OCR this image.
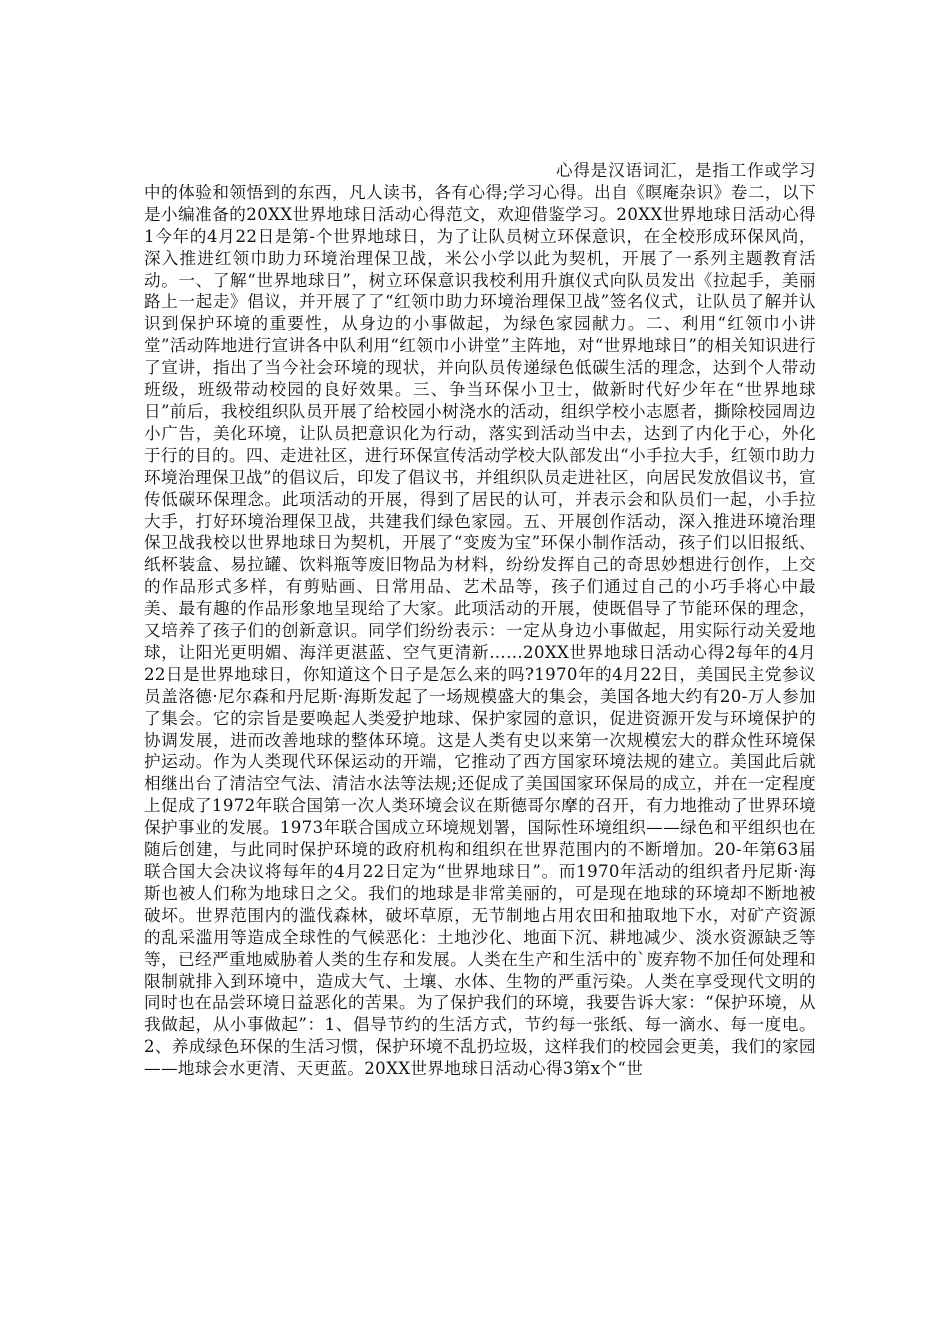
心得是汉语词汇，是指工作或学习中的体验和领悟到的东西，凡人读书，各有心得;学习心得。出自《暝庵杂识》卷二，以下是小编准备的20XX世界地球日活动心得范文，欢迎借鉴学习。20XX世界地球日活动心得1今年的4月22日是第-个世界地球日，为了让队员树立环保意识，在全校形成环保风尚，深入推进红领巾助力环境治理保卫战，米公小学以此为契机，开展了一系列主题教育活动。一、了解“世界地球日”，树立环保意识我校利用升旗仪式向队员发出《拉起手，美丽路上一起走》倡议，并开展了了“红领巾助力环境治理保卫战”签名仪式，让队员了解并认识到保护环境的重要性，从身边的小事做起，为绿色家园献力。二、利用“红领巾小讲堂”活动阵地进行宣讲各中队利用“红领巾小讲堂”主阵地，对“世界地球日”的相关知识进行了宣讲，指出了当今社会环境的现状，并向队员传递绿色低碳生活的理念，达到个人带动班级，班级带动校园的良好效果。三、争当环保小卫士，做新时代好少年在“世界地球日”前后，我校组织队员开展了给校园小树浇水的活动，组织学校小志愿者，撕除校园周边小广告，美化环境，让队员把意识化为行动，落实到活动当中去，达到了内化于心，外化于行的目的。四、走进社区，进行环保宣传活动学校大队部发出“小手拉大手，红领巾助力环境治理保卫战”的倡议后，印发了倡议书，并组织队员走进社区，向居民发放倡议书，宣传低碳环保理念。此项活动的开展，得到了居民的认可，并表示会和队员们一起，小手拉大手，打好环境治理保卫战，共建我们绿色家园。五、开展创作活动，深入推进环境治理保卫战我校以世界地球日为契机，开展了“变废为宝”环保小制作活动，孩子们以旧报纸、纸杯装盒、易拉罐、饮料瓶等废旧物品为材料，纷纷发挥自己的奇思妙想进行创作，上交的作品形式多样，有剪贴画、日常用品、艺术品等，孩子们通过自己的小巧手将心中最美、最有趣的作品形象地呈现给了大家。此项活动的开展，使既倡导了节能环保的理念，又培养了孩子们的创新意识。同学们纷纷表示：一定从身边小事做起，用实际行动关爱地球，让阳光更明媚、海洋更湛蓝、空气更清新……20XX世界地球日活动心得2每年的4月22日是世界地球日，你知道这个日子是怎么来的吗?1970年的4月22日，美国民主党参议员盖洛德·尼尔森和丹尼斯·海斯发起了一场规模盛大的集会，美国各地大约有20-万人参加了集会。它的宗旨是要唤起人类爱护地球、保护家园的意识，促进资源开发与环境保护的协调发展，进而改善地球的整体环境。这是人类有史以来第一次规模宏大的群众性环境保护运动。作为人类现代环保运动的开端，它推动了西方国家环境法规的建立。美国此后就相继出台了清洁空气法、清洁水法等法规;还促成了美国国家环保局的成立，并在一定程度上促成了1972年联合国第一次人类环境会议在斯德哥尔摩的召开，有力地推动了世界环境保护事业的发展。1973年联合国成立环境规划署，国际性环境组织——绿色和平组织也在随后创建，与此同时保护环境的政府机构和组织在世界范围内的不断增加。20-年第63届联合国大会决议将每年的4月22日定为“世界地球日”。而1970年活动的组织者丹尼斯·海斯也被人们称为地球日之父。我们的地球是非常美丽的，可是现在地球的环境却不断地被破坏。世界范围内的滥伐森林，破坏草原，无节制地占用农田和抽取地下水，对矿产资源的乱采滥用等造成全球性的气候恶化：土地沙化、地面下沉、耕地减少、淡水资源缺乏等等，已经严重地威胁着人类的生存和发展。人类在生产和生活中的`废弃物不加任何处理和限制就排入到环境中，造成大气、土壤、水体、生物的严重污染。人类在享受现代文明的同时也在品尝环境日益恶化的苦果。为了保护我们的环境，我要告诉大家：“保护环境，从我做起，从小事做起”：1、倡导节约的生活方式，节约每一张纸、每一滴水、每一度电。2、养成绿色环保的生活习惯，保护环境不乱扔垃圾，这样我们的校园会更美，我们的家园——地球会水更清、天更蓝。20XX世界地球日活动心得3第x个“世
